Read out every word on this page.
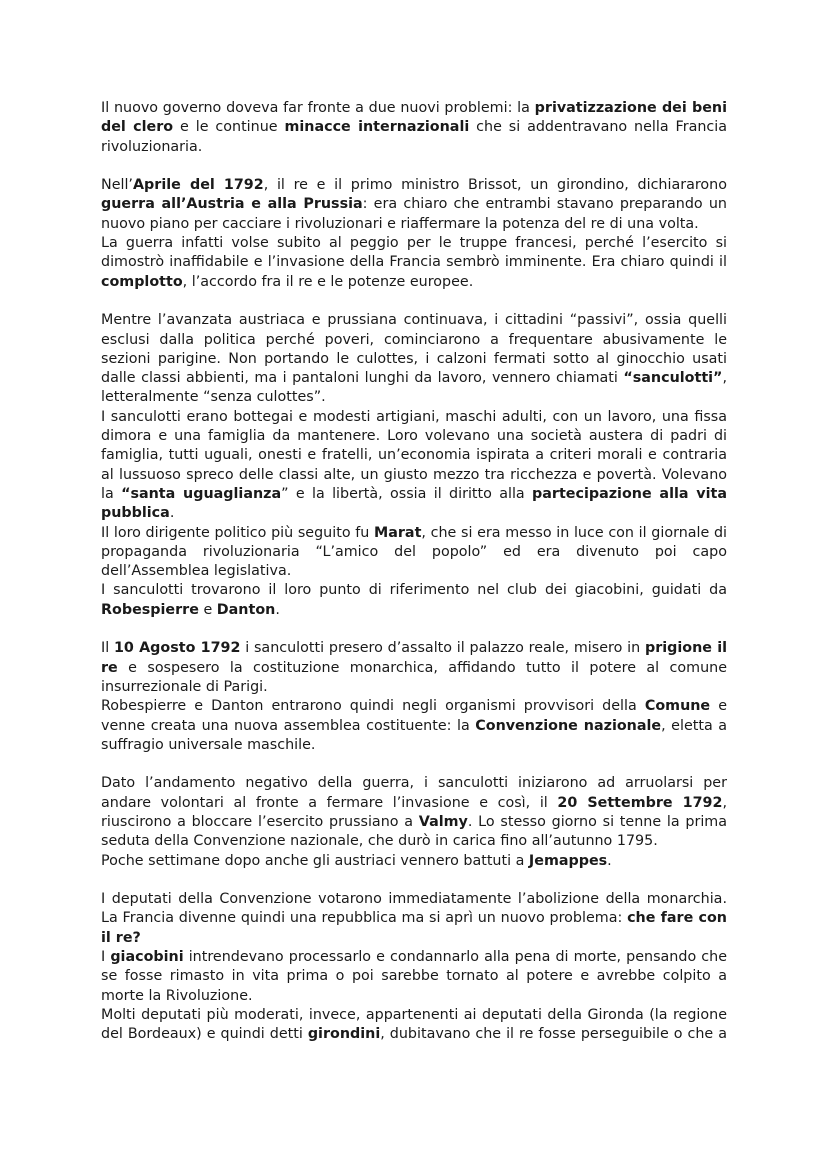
Il nuovo governo doveva far fronte a due nuovi problemi: la privatizzazione dei beni del clero e le continue minacce internazionali che si addentravano nella Francia rivoluzionaria.

Nell’Aprile del 1792, il re e il primo ministro Brissot, un girondino, dichiararono guerra all’Austria e alla Prussia: era chiaro che entrambi stavano preparando un nuovo piano per cacciare i rivoluzionari e riaffermare la potenza del re di una volta.

La guerra infatti volse subito al peggio per le truppe francesi, perché l’esercito si dimostrò inaffidabile e l’invasione della Francia sembrò imminente. Era chiaro quindi il complotto, l’accordo fra il re e le potenze europee.

Mentre l’avanzata austriaca e prussiana continuava, i cittadini “passivi”, ossia quelli esclusi dalla politica perché poveri, cominciarono a frequentare abusivamente le sezioni parigine. Non portando le culottes, i calzoni fermati sotto al ginocchio usati dalle classi abbienti, ma i pantaloni lunghi da lavoro, vennero chiamati “sanculotti”, letteralmente “senza culottes”.

I sanculotti erano bottegai e modesti artigiani, maschi adulti, con un lavoro, una fissa dimora e una famiglia da mantenere. Loro volevano una società austera di padri di famiglia, tutti uguali, onesti e fratelli, un’economia ispirata a criteri morali e contraria al lussuoso spreco delle classi alte, un giusto mezzo tra ricchezza e povertà. Volevano la “santa uguaglianza” e la libertà, ossia il diritto alla partecipazione alla vita pubblica.

Il loro dirigente politico più seguito fu Marat, che si era messo in luce con il giornale di propaganda rivoluzionaria “L’amico del popolo” ed era divenuto poi capo dell’Assemblea legislativa.

I sanculotti trovarono il loro punto di riferimento nel club dei giacobini, guidati da Robespierre e Danton.

Il 10 Agosto 1792 i sanculotti presero d’assalto il palazzo reale, misero in prigione il re e sospesero la costituzione monarchica, affidando tutto il potere al comune insurrezionale di Parigi.

Robespierre e Danton entrarono quindi negli organismi provvisori della Comune e venne creata una nuova assemblea costituente: la Convenzione nazionale, eletta a suffragio universale maschile.

Dato l’andamento negativo della guerra, i sanculotti iniziarono ad arruolarsi per andare volontari al fronte a fermare l’invasione e così, il 20 Settembre 1792, riuscirono a bloccare l’esercito prussiano a Valmy. Lo stesso giorno si tenne la prima seduta della Convenzione nazionale, che durò in carica fino all’autunno 1795.

Poche settimane dopo anche gli austriaci vennero battuti a Jemappes.

I deputati della Convenzione votarono immediatamente l’abolizione della monarchia. La Francia divenne quindi una repubblica ma si aprì un nuovo problema: che fare con il re?

I giacobini intrendevano processarlo e condannarlo alla pena di morte, pensando che se fosse rimasto in vita prima o poi sarebbe tornato al potere e avrebbe colpito a morte la Rivoluzione.

Molti deputati più moderati, invece, appartenenti ai deputati della Gironda (la regione del Bordeaux) e quindi detti girondini, dubitavano che il re fosse perseguibile o che a
